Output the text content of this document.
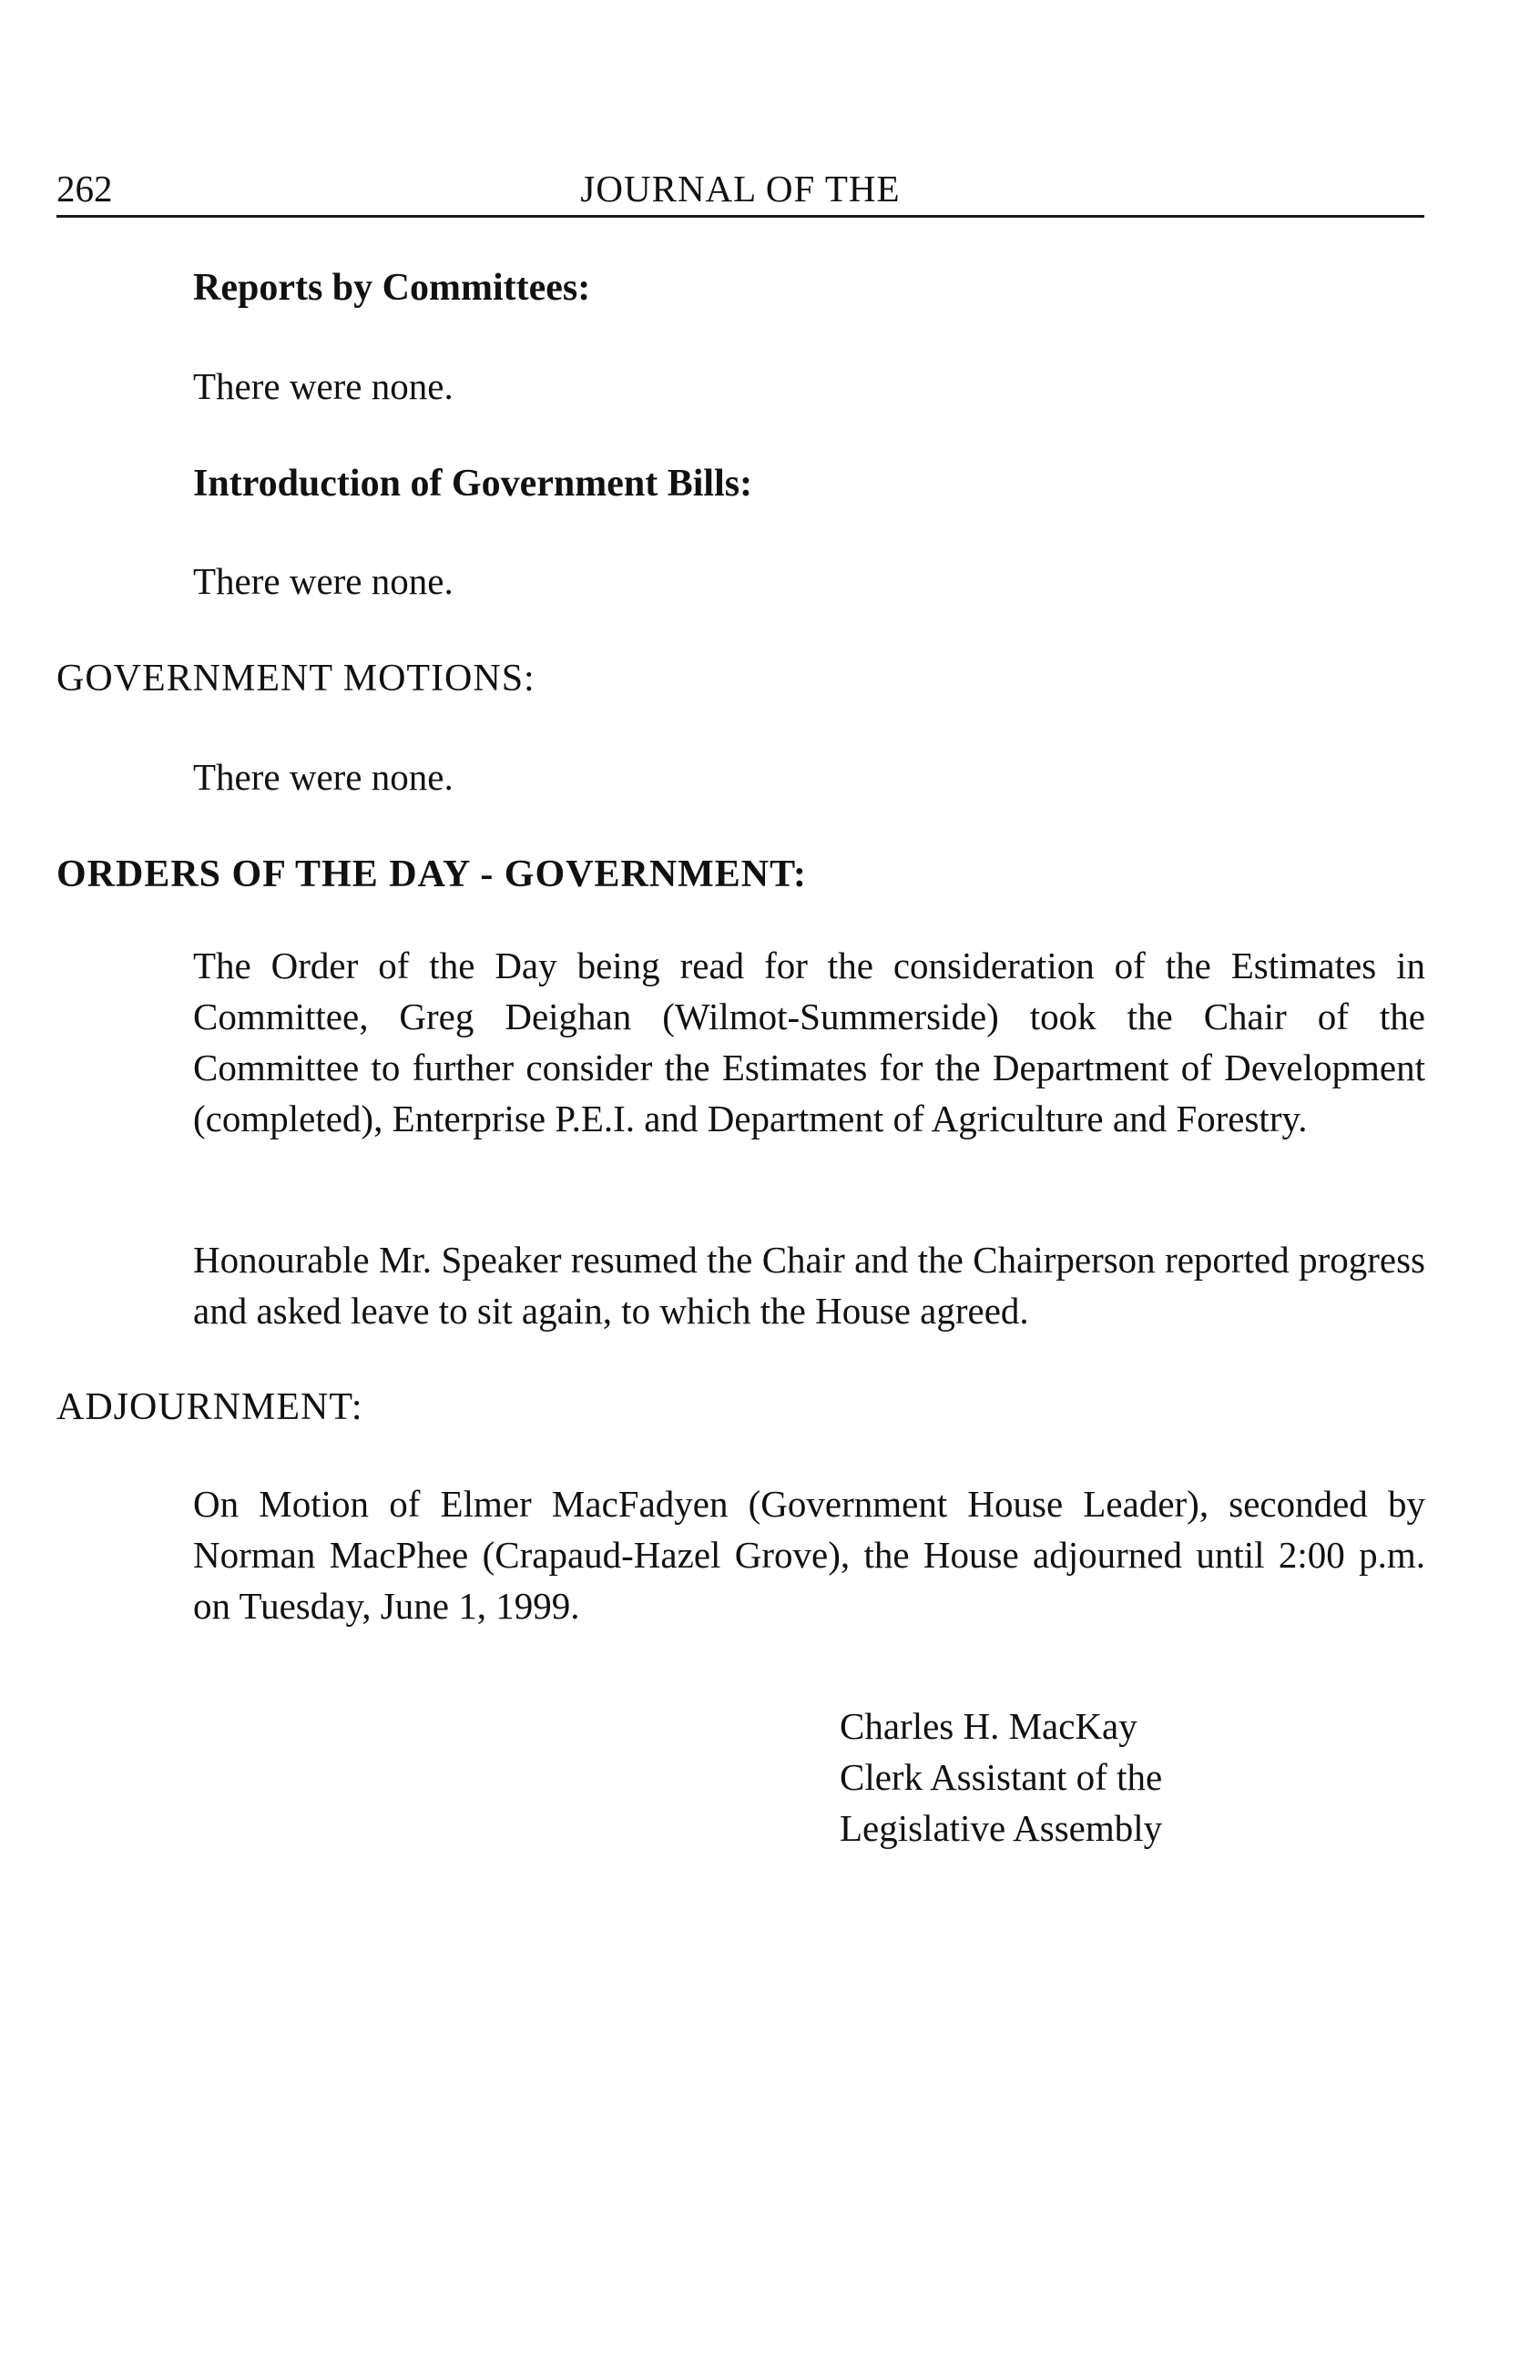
262	JOURNAL OF THE
Reports by Committees:

There were none.

Introduction of Government Bills:

There were none.

GOVERNMENT MOTIONS:

There were none.

ORDERS OF THE DAY - GOVERNMENT:

The Order of the Day being read for the consideration of the Estimates in Committee, Greg Deighan (Wilmot-Summerside) took the Chair of the Committee to further consider the Estimates for the Department of Development (completed), Enterprise P.E.I. and Department of Agriculture and Forestry.

Honourable Mr. Speaker resumed the Chair and the Chairperson reported progress and asked leave to sit again, to which the House agreed.

ADJOURNMENT:

On Motion of Elmer MacFadyen (Government House Leader), seconded by Norman MacPhee (Crapaud-Hazel Grove), the House adjourned until 2:00 p.m. on Tuesday, June 1, 1999.

Charles H. MacKay
Clerk Assistant of the
Legislative Assembly
